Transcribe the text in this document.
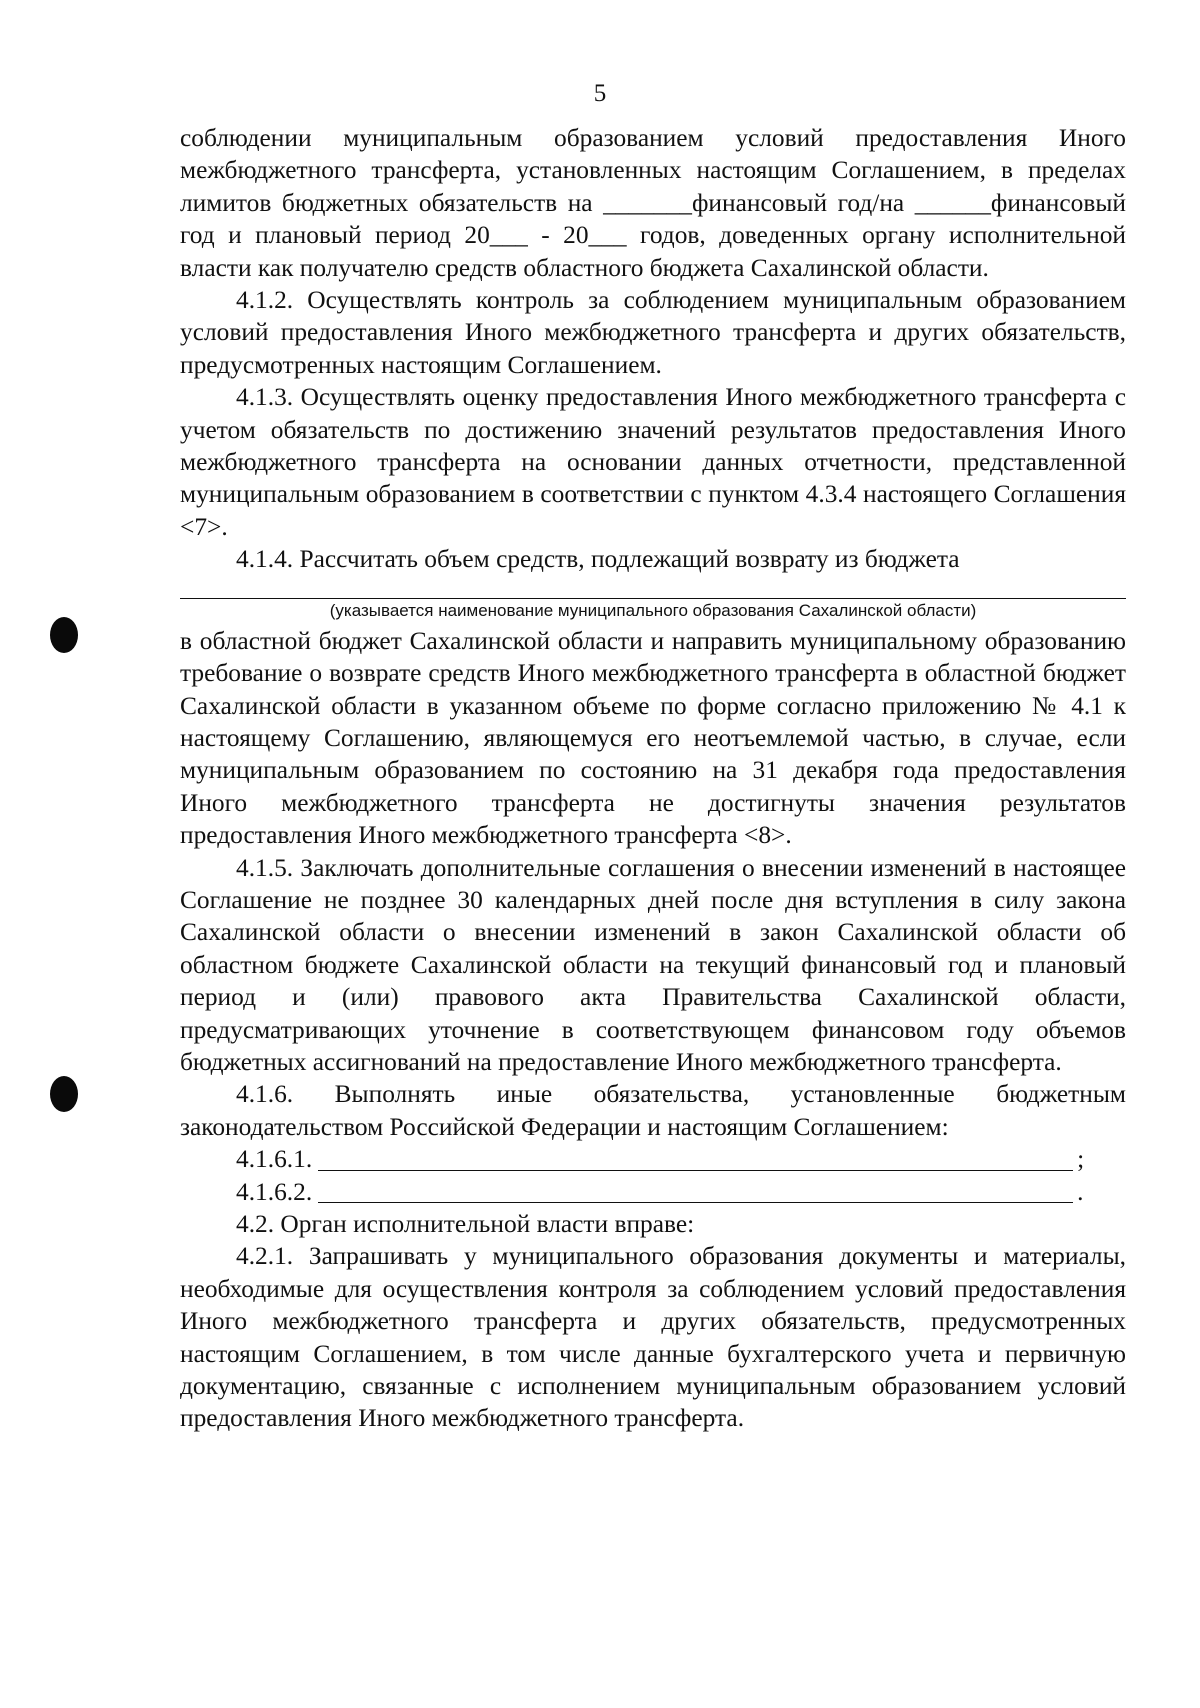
5

соблюдении муниципальным образованием условий предоставления Иного межбюджетного трансферта, установленных настоящим Соглашением, в пределах лимитов бюджетных обязательств на _______финансовый год/на ______финансовый год и плановый период 20___ - 20___ годов, доведенных органу исполнительной власти как получателю средств областного бюджета Сахалинской области.

4.1.2. Осуществлять контроль за соблюдением муниципальным образованием условий предоставления Иного межбюджетного трансферта и других обязательств, предусмотренных настоящим Соглашением.

4.1.3. Осуществлять оценку предоставления Иного межбюджетного трансферта с учетом обязательств по достижению значений результатов предоставления Иного межбюджетного трансферта на основании данных отчетности, представленной муниципальным образованием в соответствии с пунктом 4.3.4 настоящего Соглашения <7>.

4.1.4. Рассчитать объем средств, подлежащий возврату из бюджета

(указывается наименование муниципального образования Сахалинской области)

в областной бюджет Сахалинской области и направить муниципальному образованию требование о возврате средств Иного межбюджетного трансферта в областной бюджет Сахалинской области в указанном объеме по форме согласно приложению № 4.1 к настоящему Соглашению, являющемуся его неотъемлемой частью, в случае, если муниципальным образованием по состоянию на 31 декабря года предоставления Иного межбюджетного трансферта не достигнуты значения результатов предоставления Иного межбюджетного трансферта <8>.

4.1.5. Заключать дополнительные соглашения о внесении изменений в настоящее Соглашение не позднее 30 календарных дней после дня вступления в силу закона Сахалинской области о внесении изменений в закон Сахалинской области об областном бюджете Сахалинской области на текущий финансовый год и плановый период и (или) правового акта Правительства Сахалинской области, предусматривающих уточнение в соответствующем финансовом году объемов бюджетных ассигнований на предоставление Иного межбюджетного трансферта.

4.1.6. Выполнять иные обязательства, установленные бюджетным законодательством Российской Федерации и настоящим Соглашением:

4.1.6.1.	;
4.1.6.2.	.

4.2. Орган исполнительной власти вправе:

4.2.1. Запрашивать у муниципального образования документы и материалы, необходимые для осуществления контроля за соблюдением условий предоставления Иного межбюджетного трансферта и других обязательств, предусмотренных настоящим Соглашением, в том числе данные бухгалтерского учета и первичную документацию, связанные с исполнением муниципальным образованием условий предоставления Иного межбюджетного трансферта.
